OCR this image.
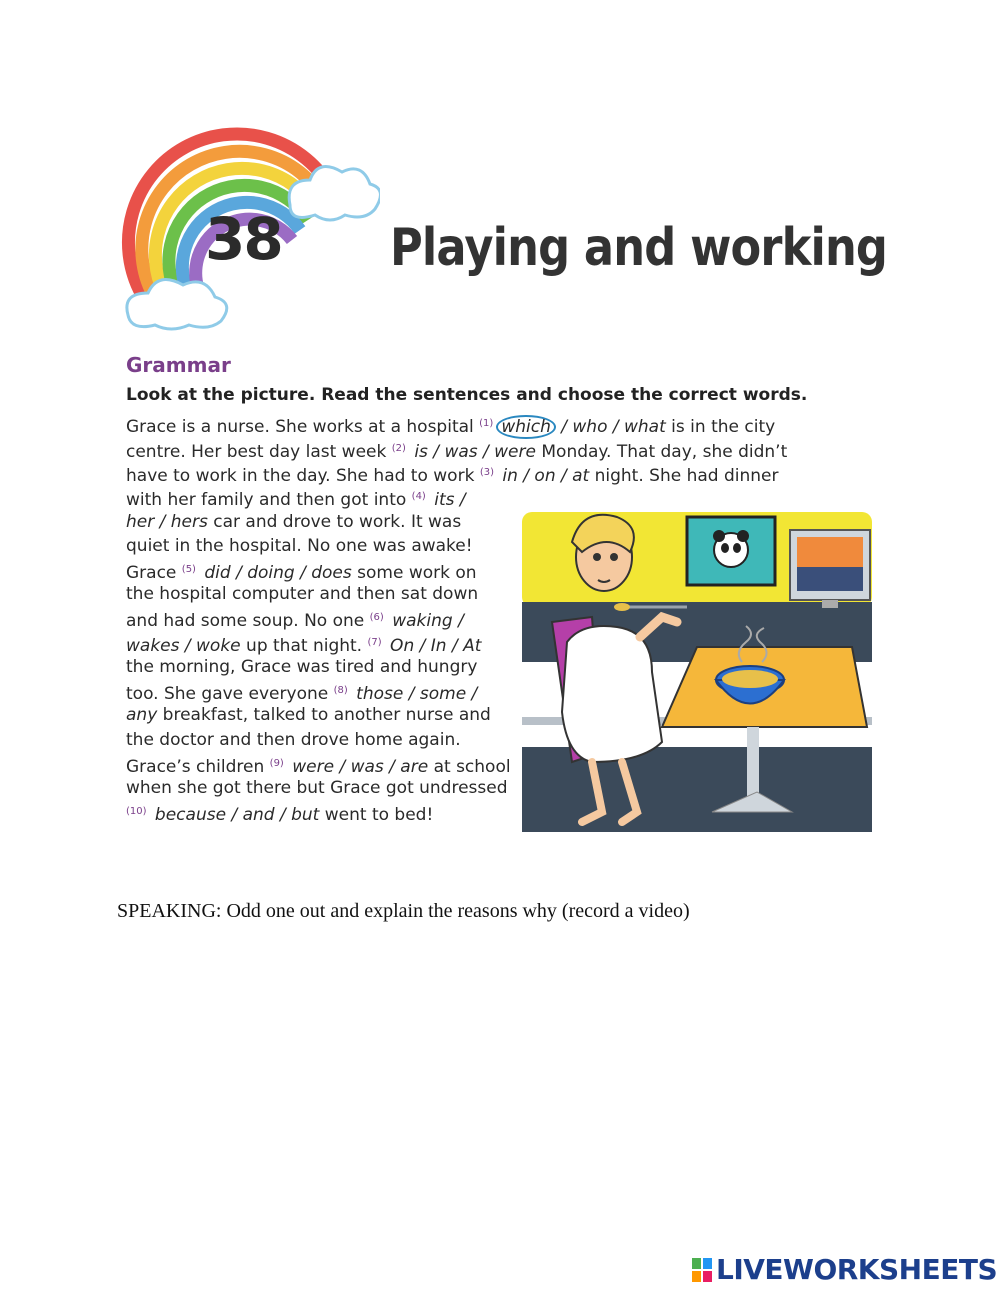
38 Playing and working
Grammar
Look at the picture. Read the sentences and choose the correct words.
Grace is a nurse. She works at a hospital $^{(1)}$ which / who / what is in the city
centre. Her best day last week $^{(2)}$ is / was / were Monday. That day, she didn’t
have to work in the day. She had to work $^{(3)}$ in / on / at night. She had dinner
with her family and then got into $^{(4)}$ its /
her / hers car and drove to work. It was
quiet in the hospital. No one was awake!
Grace $^{(5)}$ did / doing / does some work on
the hospital computer and then sat down
and had some soup. No one $^{(6)}$ waking /
wakes / woke up that night. $^{(7)}$ On / In / At
the morning, Grace was tired and hungry
too. She gave everyone $^{(8)}$ those / some /
any breakfast, talked to another nurse and
the doctor and then drove home again.
Grace’s children $^{(9)}$ were / was / are at school
when she got there but Grace got undressed
$^{(10)}$ because / and / but went to bed!
SPEAKING: Odd one out and explain the reasons why (record a video)
LIVEWORKSHEETS
